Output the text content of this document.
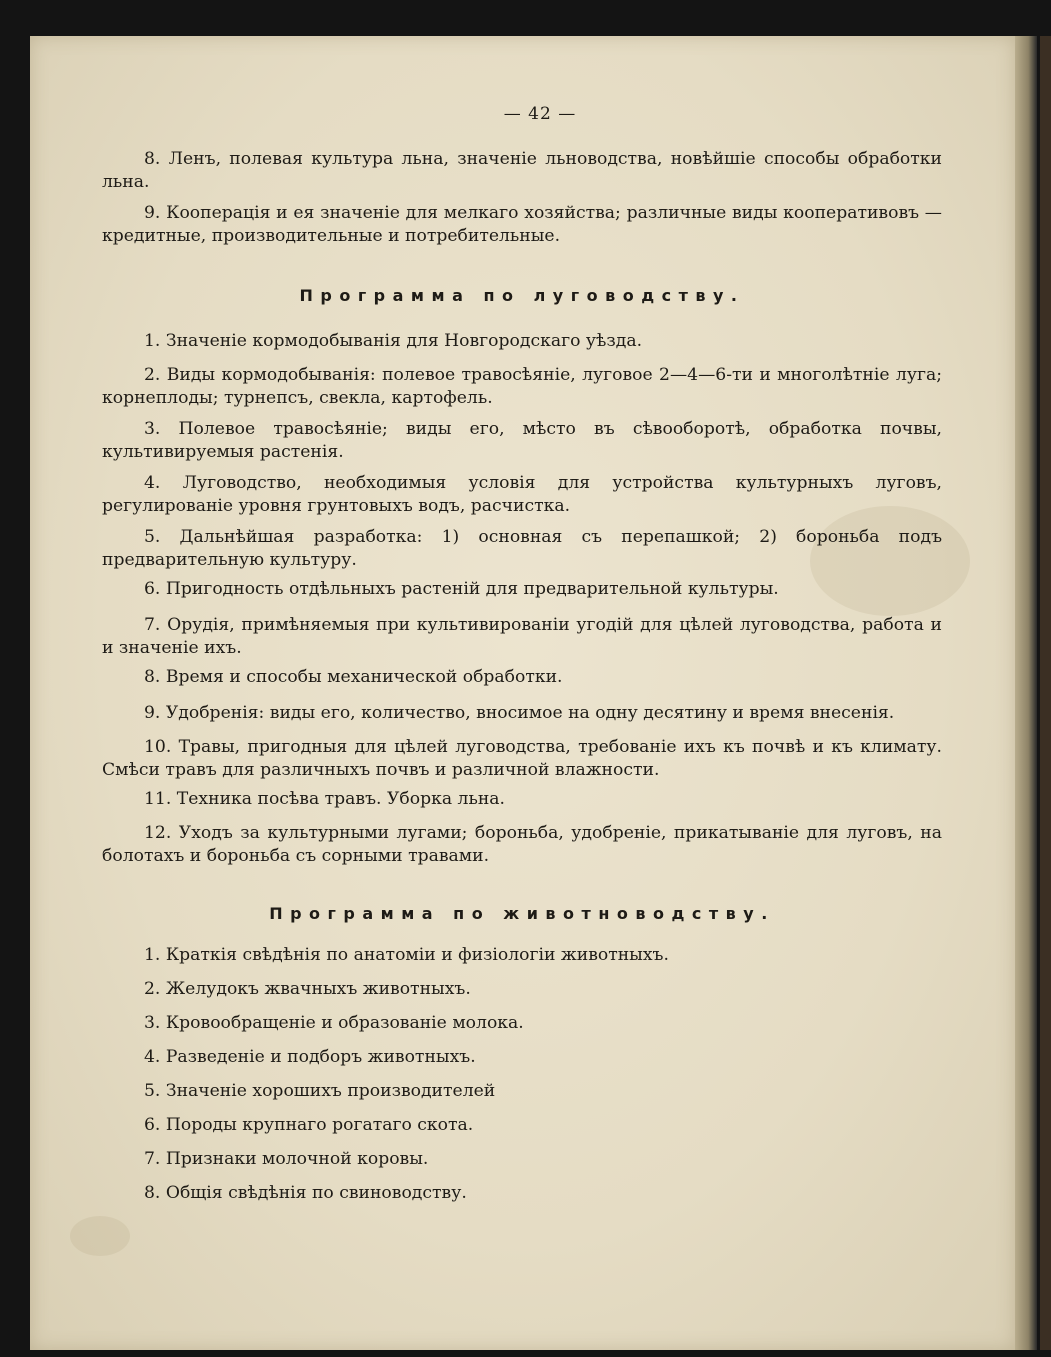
— 42 —

8. Ленъ, полевая культура льна, значенiе льноводства, новѣйшiе способы обработки льна.

9. Кооперацiя и ея значенiе для мелкаго хозяйства; различные виды кооперативовъ —кредитные, производительные и потребительные.

Программа по луговодству.

1. Значенiе кормодобыванiя для Новгородскаго уѣзда.

2. Виды кормодобыванiя: полевое травосѣянiе, луговое 2—4—6-ти и многолѣтнiе луга; корнеплоды; турнепсъ, свекла, картофель.

3. Полевое травосѣянiе; виды его, мѣсто въ сѣвооборотѣ, обработка почвы, культивируемыя растенiя.

4. Луговодство, необходимыя условiя для устройства культурныхъ луговъ, регулированiе уровня грунтовыхъ водъ, расчистка.

5. Дальнѣйшая разработка: 1) основная съ перепашкой; 2) бороньба подъ предварительную культуру.

6. Пригодность отдѣльныхъ растенiй для предварительной культуры.

7. Орудiя, примѣняемыя при культивированiи угодiй для цѣлей луговодства, работа и и значенiе ихъ.

8. Время и способы механической обработки.

9. Удобренiя: виды его, количество, вносимое на одну десятину и время внесенiя.

10. Травы, пригодныя для цѣлей луговодства, требованiе ихъ къ почвѣ и къ климату. Смѣси травъ для различныхъ почвъ и различной влажности.

11. Техника посѣва травъ. Уборка льна.

12. Уходъ за культурными лугами; бороньба, удобренiе, прикатыванiе для луговъ, на болотахъ и бороньба съ сорными травами.

Программа по животноводству.

1. Краткiя свѣдѣнiя по анатомiи и физiологiи животныхъ.

2. Желудокъ жвачныхъ животныхъ.

3. Кровообращенiе и образованiе молока.

4. Разведенiе и подборъ животныхъ.

5. Значенiе хорошихъ производителей

6. Породы крупнаго рогатаго скота.

7. Признаки молочной коровы.

8. Общiя свѣдѣнiя по свиноводству.
